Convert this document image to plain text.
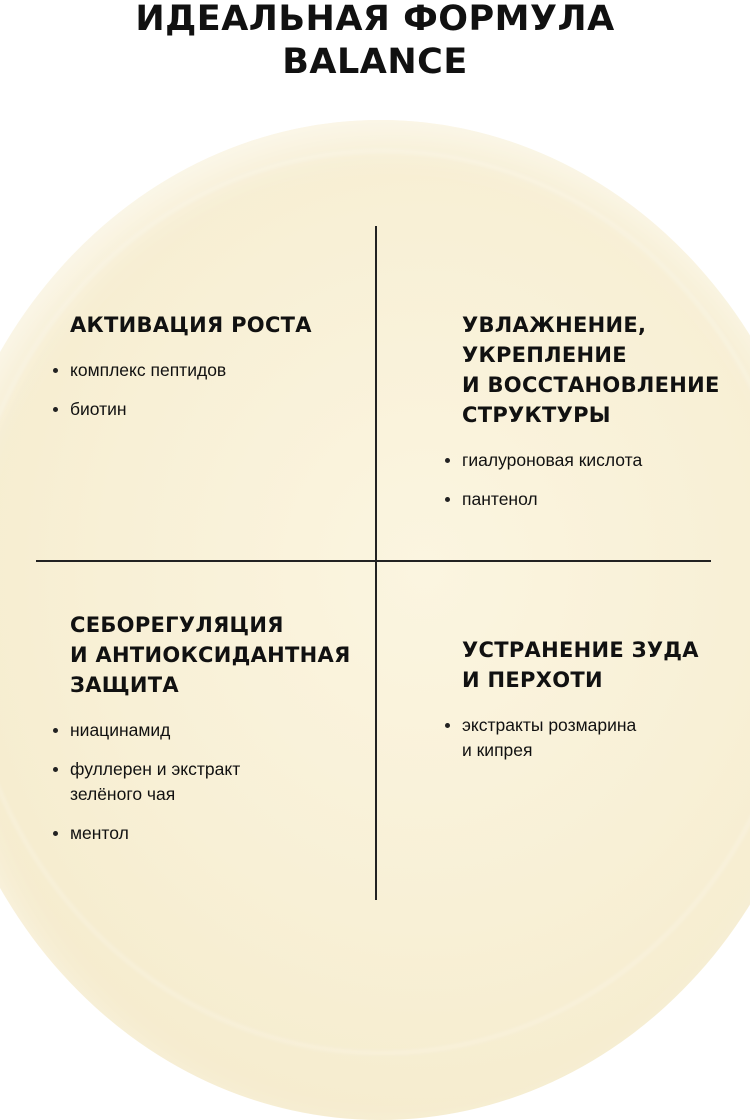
ИДЕАЛЬНАЯ ФОРМУЛА
BALANCE
АКТИВАЦИЯ РОСТА
комплекс пептидов
биотин
УВЛАЖНЕНИЕ,
УКРЕПЛЕНИЕ
И ВОССТАНОВЛЕНИЕ
СТРУКТУРЫ
гиалуроновая кислота
пантенол
СЕБОРЕГУЛЯЦИЯ
И АНТИОКСИДАНТНАЯ
ЗАЩИТА
ниацинамид
фуллерен и экстракт
зелёного чая
ментол
УСТРАНЕНИЕ ЗУДА
И ПЕРХОТИ
экстракты розмарина
и кипрея
